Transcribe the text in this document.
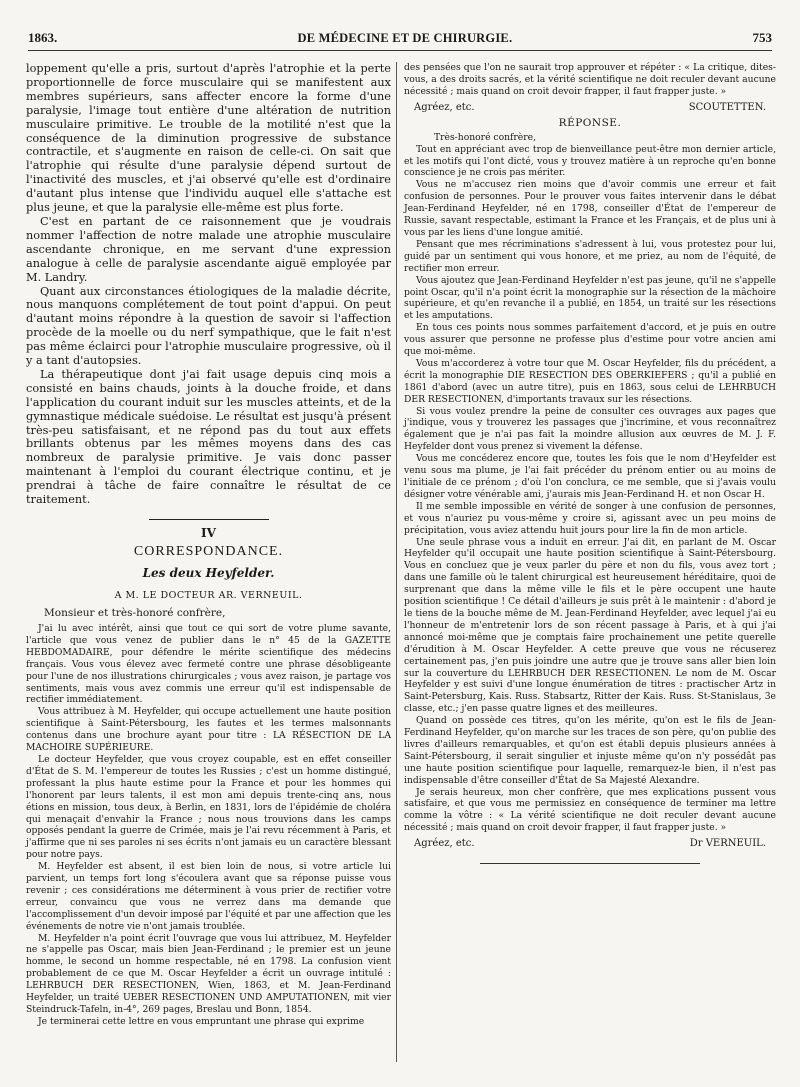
1863.	DE MÉDECINE ET DE CHIRURGIE.	753

loppement qu'elle a pris, surtout d'après l'atrophie et la perte proportionnelle de force musculaire qui se manifestent aux membres supérieurs, sans affecter encore la forme d'une paralysie, l'image tout entière d'une altération de nutrition musculaire primitive. Le trouble de la motilité n'est que la conséquence de la diminution progressive de substance contractile, et s'augmente en raison de celle-ci. On sait que l'atrophie qui résulte d'une paralysie dépend surtout de l'inactivité des muscles, et j'ai observé qu'elle est d'ordinaire d'autant plus intense que l'individu auquel elle s'attache est plus jeune, et que la paralysie elle-même est plus forte.

C'est en partant de ce raisonnement que je voudrais nommer l'affection de notre malade une atrophie musculaire ascendante chronique, en me servant d'une expression analogue à celle de paralysie ascendante aiguë employée par M. Landry.

Quant aux circonstances étiologiques de la maladie décrite, nous manquons complétement de tout point d'appui. On peut d'autant moins répondre à la question de savoir si l'affection procède de la moelle ou du nerf sympathique, que le fait n'est pas même éclairci pour l'atrophie musculaire progressive, où il y a tant d'autopsies.

La thérapeutique dont j'ai fait usage depuis cinq mois a consisté en bains chauds, joints à la douche froide, et dans l'application du courant induit sur les muscles atteints, et de la gymnastique médicale suédoise. Le résultat est jusqu'à présent très-peu satisfaisant, et ne répond pas du tout aux effets brillants obtenus par les mêmes moyens dans des cas nombreux de paralysie primitive. Je vais donc passer maintenant à l'emploi du courant électrique continu, et je prendrai à tâche de faire connaître le résultat de ce traitement.

IV
CORRESPONDANCE.
Les deux Heyfelder.
A M. LE DOCTEUR AR. VERNEUIL.

Monsieur et très-honoré confrère,

J'ai lu avec intérêt, ainsi que tout ce qui sort de votre plume savante, l'article que vous venez de publier dans le n° 45 de la GAZETTE HEBDOMADAIRE, pour défendre le mérite scientifique des médecins français. Vous vous élevez avec fermeté contre une phrase désobligeante pour l'une de nos illustrations chirurgicales ; vous avez raison, je partage vos sentiments, mais vous avez commis une erreur qu'il est indispensable de rectifier immédiatement.

Vous attribuez à M. Heyfelder, qui occupe actuellement une haute position scientifique à Saint-Pétersbourg, les fautes et les termes malsonnants contenus dans une brochure ayant pour titre : LA RÉSECTION DE LA MACHOIRE SUPÉRIEURE.

Le docteur Heyfelder, que vous croyez coupable, est en effet conseiller d'État de S. M. l'empereur de toutes les Russies ; c'est un homme distingué, professant la plus haute estime pour la France et pour les hommes qui l'honorent par leurs talents, il est mon ami depuis trente-cinq ans, nous étions en mission, tous deux, à Berlin, en 1831, lors de l'épidémie de choléra qui menaçait d'envahir la France ; nous nous trouvions dans les camps opposés pendant la guerre de Crimée, mais je l'ai revu récemment à Paris, et j'affirme que ni ses paroles ni ses écrits n'ont jamais eu un caractère blessant pour notre pays.

M. Heyfelder est absent, il est bien loin de nous, si votre article lui parvient, un temps fort long s'écoulera avant que sa réponse puisse vous revenir ; ces considérations me déterminent à vous prier de rectifier votre erreur, convaincu que vous ne verrez dans ma demande que l'accomplissement d'un devoir imposé par l'équité et par une affection que les événements de notre vie n'ont jamais troublée.

M. Heyfelder n'a point écrit l'ouvrage que vous lui attribuez, M. Heyfelder ne s'appelle pas Oscar, mais bien Jean-Ferdinand ; le premier est un jeune homme, le second un homme respectable, né en 1798. La confusion vient probablement de ce que M. Oscar Heyfelder a écrit un ouvrage intitulé : LEHRBUCH DER RESECTIONEN, Wien, 1863, et M. Jean-Ferdinand Heyfelder, un traité UEBER RESECTIONEN UND AMPUTATIONEN, mit vier Steindruck-Tafeln, in-4°, 269 pages, Breslau und Bonn, 1854.

Je terminerai cette lettre en vous empruntant une phrase qui exprime

des pensées que l'on ne saurait trop approuver et répéter : « La critique, dites-vous, a des droits sacrés, et la vérité scientifique ne doit reculer devant aucune nécessité ; mais quand on croit devoir frapper, il faut frapper juste. »

Agréez, etc.	SCOUTETTEN.
RÉPONSE.

Très-honoré confrère,

Tout en appréciant avec trop de bienveillance peut-être mon dernier article, et les motifs qui l'ont dicté, vous y trouvez matière à un reproche qu'en bonne conscience je ne crois pas mériter.

Vous ne m'accusez rien moins que d'avoir commis une erreur et fait confusion de personnes. Pour le prouver vous faites intervenir dans le débat Jean-Ferdinand Heyfelder, né en 1798, conseiller d'État de l'empereur de Russie, savant respectable, estimant la France et les Français, et de plus uni à vous par les liens d'une longue amitié.

Pensant que mes récriminations s'adressent à lui, vous protestez pour lui, guidé par un sentiment qui vous honore, et me priez, au nom de l'équité, de rectifier mon erreur.

Vous ajoutez que Jean-Ferdinand Heyfelder n'est pas jeune, qu'il ne s'appelle point Oscar, qu'il n'a point écrit la monographie sur la résection de la mâchoire supérieure, et qu'en revanche il a publié, en 1854, un traité sur les résections et les amputations.

En tous ces points nous sommes parfaitement d'accord, et je puis en outre vous assurer que personne ne professe plus d'estime pour votre ancien ami que moi-même.

Vous m'accorderez à votre tour que M. Oscar Heyfelder, fils du précédent, a écrit la monographie DIE RESECTION DES OBERKIEFERS ; qu'il a publié en 1861 d'abord (avec un autre titre), puis en 1863, sous celui de LEHRBUCH DER RESECTIONEN, d'importants travaux sur les résections.

Si vous voulez prendre la peine de consulter ces ouvrages aux pages que j'indique, vous y trouverez les passages que j'incrimine, et vous reconnaîtrez également que je n'ai pas fait la moindre allusion aux œuvres de M. J. F. Heyfelder dont vous prenez si vivement la défense.

Vous me concéderez encore que, toutes les fois que le nom d'Heyfelder est venu sous ma plume, je l'ai fait précéder du prénom entier ou au moins de l'initiale de ce prénom ; d'où l'on conclura, ce me semble, que si j'avais voulu désigner votre vénérable ami, j'aurais mis Jean-Ferdinand H. et non Oscar H.

Il me semble impossible en vérité de songer à une confusion de personnes, et vous n'auriez pu vous-même y croire si, agissant avec un peu moins de précipitation, vous aviez attendu huit jours pour lire la fin de mon article.

Une seule phrase vous a induit en erreur. J'ai dit, en parlant de M. Oscar Heyfelder qu'il occupait une haute position scientifique à Saint-Pétersbourg. Vous en concluez que je veux parler du père et non du fils, vous avez tort ; dans une famille où le talent chirurgical est heureusement héréditaire, quoi de surprenant que dans la même ville le fils et le père occupent une haute position scientifique ! Ce détail d'ailleurs je suis prêt à le maintenir : d'abord je le tiens de la bouche même de M. Jean-Ferdinand Heyfelder, avec lequel j'ai eu l'honneur de m'entretenir lors de son récent passage à Paris, et à qui j'ai annoncé moi-même que je comptais faire prochainement une petite querelle d'érudition à M. Oscar Heyfelder. A cette preuve que vous ne récuserez certainement pas, j'en puis joindre une autre que je trouve sans aller bien loin sur la couverture du LEHRBUCH DER RESECTIONEN. Le nom de M. Oscar Heyfelder y est suivi d'une longue énumération de titres : practischer Artz in Saint-Petersburg, Kais. Russ. Stabsartz, Ritter der Kais. Russ. St-Stanislaus, 3e classe, etc.; j'en passe quatre lignes et des meilleures.

Quand on possède ces titres, qu'on les mérite, qu'on est le fils de Jean-Ferdinand Heyfelder, qu'on marche sur les traces de son père, qu'on publie des livres d'ailleurs remarquables, et qu'on est établi depuis plusieurs années à Saint-Pétersbourg, il serait singulier et injuste même qu'on n'y possédât pas une haute position scientifique pour laquelle, remarquez-le bien, il n'est pas indispensable d'être conseiller d'État de Sa Majesté Alexandre.

Je serais heureux, mon cher confrère, que mes explications pussent vous satisfaire, et que vous me permissiez en conséquence de terminer ma lettre comme la vôtre : « La vérité scientifique ne doit reculer devant aucune nécessité ; mais quand on croit devoir frapper, il faut frapper juste. »

Agréez, etc.	Dr VERNEUIL.
